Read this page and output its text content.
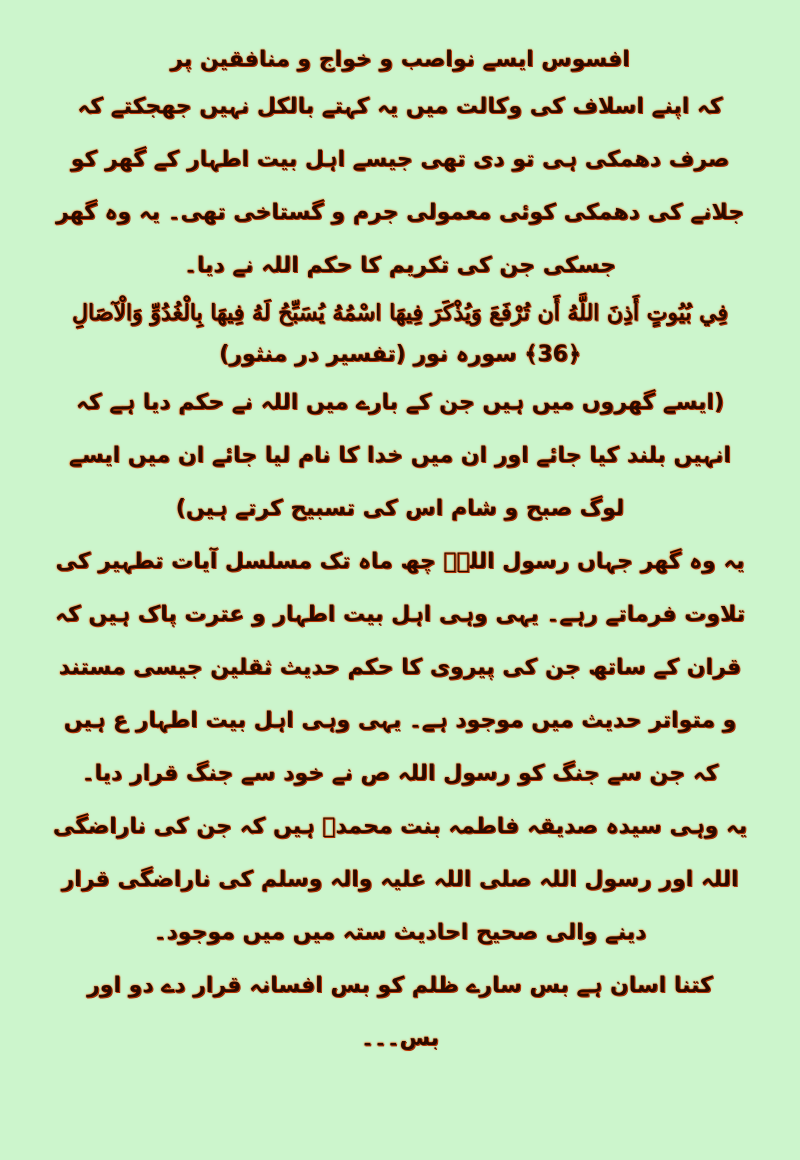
افسوس ایسے نواصب و خواج و منافقین پر
کہ اپنے اسلاف کی وکالت میں یہ کہتے بالکل نہیں جھجکتے کہ صرف دھمکی ہی تو دی تھی جیسے اہل بیت اطہار کے گھر کو جلانے کی دھمکی کوئی معمولی جرم و گستاخی تھی۔ یہ وہ گھر جسکی جن کی تکریم کا حکم اللہ نے دیا۔
فِي بُيُوتٍ أَذِنَ اللَّهُ أَن تُرْفَعَ وَيُذْكَرَ فِيهَا اسْمُهُ يُسَبِّحُ لَهُ فِيهَا بِالْغُدُوِّ وَالْآصَالِ
﴿36﴾ سورہ نور (تفسیر در منثور)
(ایسے گھروں میں ہیں جن کے بارے میں اللہ نے حکم دیا ہے کہ انہیں بلند کیا جائے اور ان میں خدا کا نام لیا جائے ان میں ایسے لوگ صبح و شام اس کی تسبیح کرتے ہیں)
یہ وہ گھر جہاں رسول اللہؐ چھ ماہ تک مسلسل آیات تطہیر کی تلاوت فرماتے رہے۔ یہی وہی اہل بیت اطہار و عترت پاک ہیں کہ قران کے ساتھ جن کی پیروی کا حکم حدیث ثقلین جیسی مستند و متواتر حدیث میں موجود ہے۔ یہی وہی اہل بیت اطہار ع ہیں کہ جن سے جنگ کو رسول اللہ ص نے خود سے جنگ قرار دیا۔
یہ وہی سیدہ صدیقہ فاطمہ بنت محمدؐ ہیں کہ جن کی ناراضگی اللہ اور رسول اللہ صلی اللہ علیہ والہ وسلم کی ناراضگی قرار دینے والی صحیح احادیث ستہ میں میں موجود۔
کتنا اسان ہے بس سارے ظلم کو بس افسانہ قرار دے دو اور بس۔۔۔
